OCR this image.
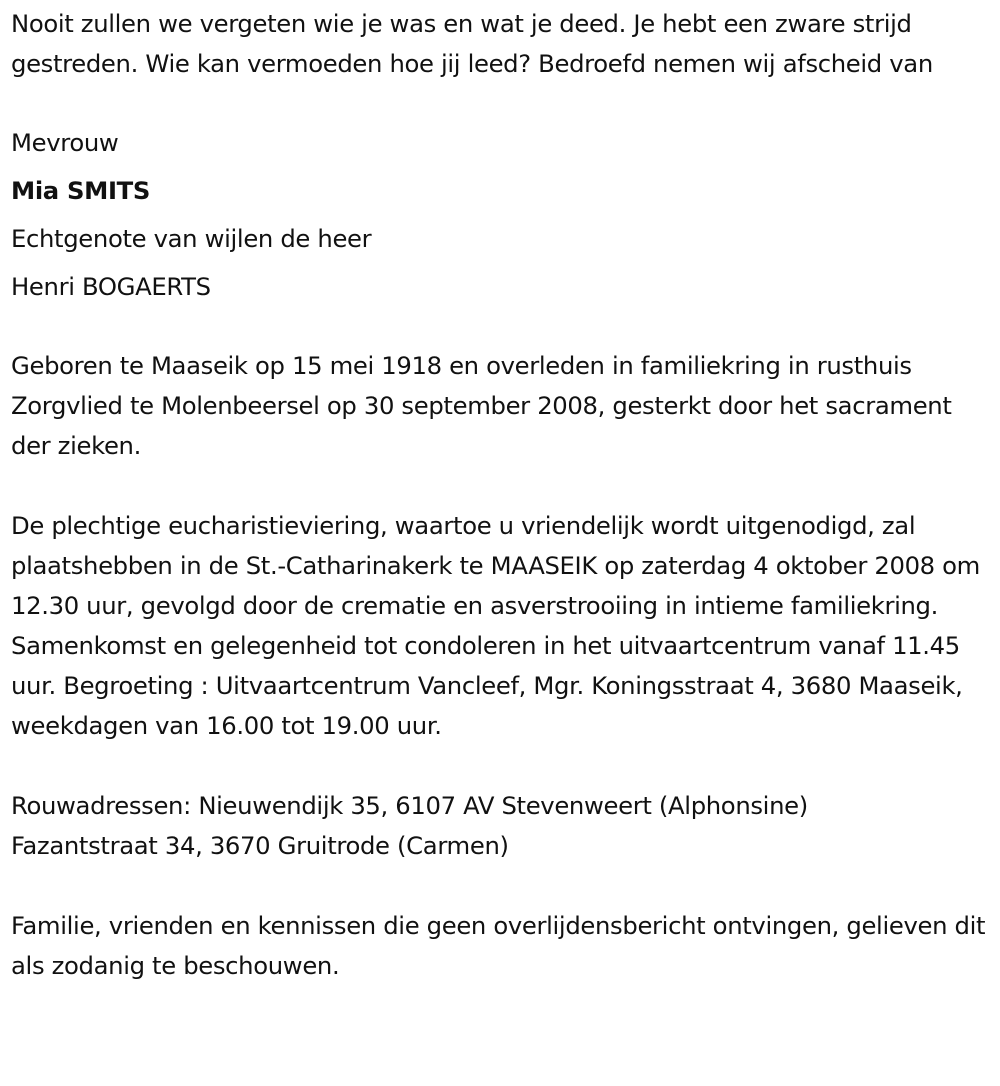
Nooit zullen we vergeten wie je was en wat je deed. Je hebt een zware strijd gestreden. Wie kan vermoeden hoe jij leed? Bedroefd nemen wij afscheid van

Mevrouw

Mia SMITS

Echtgenote van wijlen de heer

Henri BOGAERTS

Geboren te Maaseik op 15 mei 1918 en overleden in familiekring in rusthuis Zorgvlied te Molenbeersel op 30 september 2008, gesterkt door het sacrament der zieken.

De plechtige eucharistieviering, waartoe u vriendelijk wordt uitgenodigd, zal plaatshebben in de St.-Catharinakerk te MAASEIK op zaterdag 4 oktober 2008 om 12.30 uur, gevolgd door de crematie en asverstrooiing in intieme familiekring. Samenkomst en gelegenheid tot condoleren in het uitvaartcentrum vanaf 11.45 uur. Begroeting : Uitvaartcentrum Vancleef, Mgr. Koningsstraat 4, 3680 Maaseik, weekdagen van 16.00 tot 19.00 uur.

Rouwadressen: Nieuwendijk 35, 6107 AV Stevenweert (Alphonsine)

Fazantstraat 34, 3670 Gruitrode (Carmen)

Familie, vrienden en kennissen die geen overlijdensbericht ontvingen, gelieven dit als zodanig te beschouwen.
